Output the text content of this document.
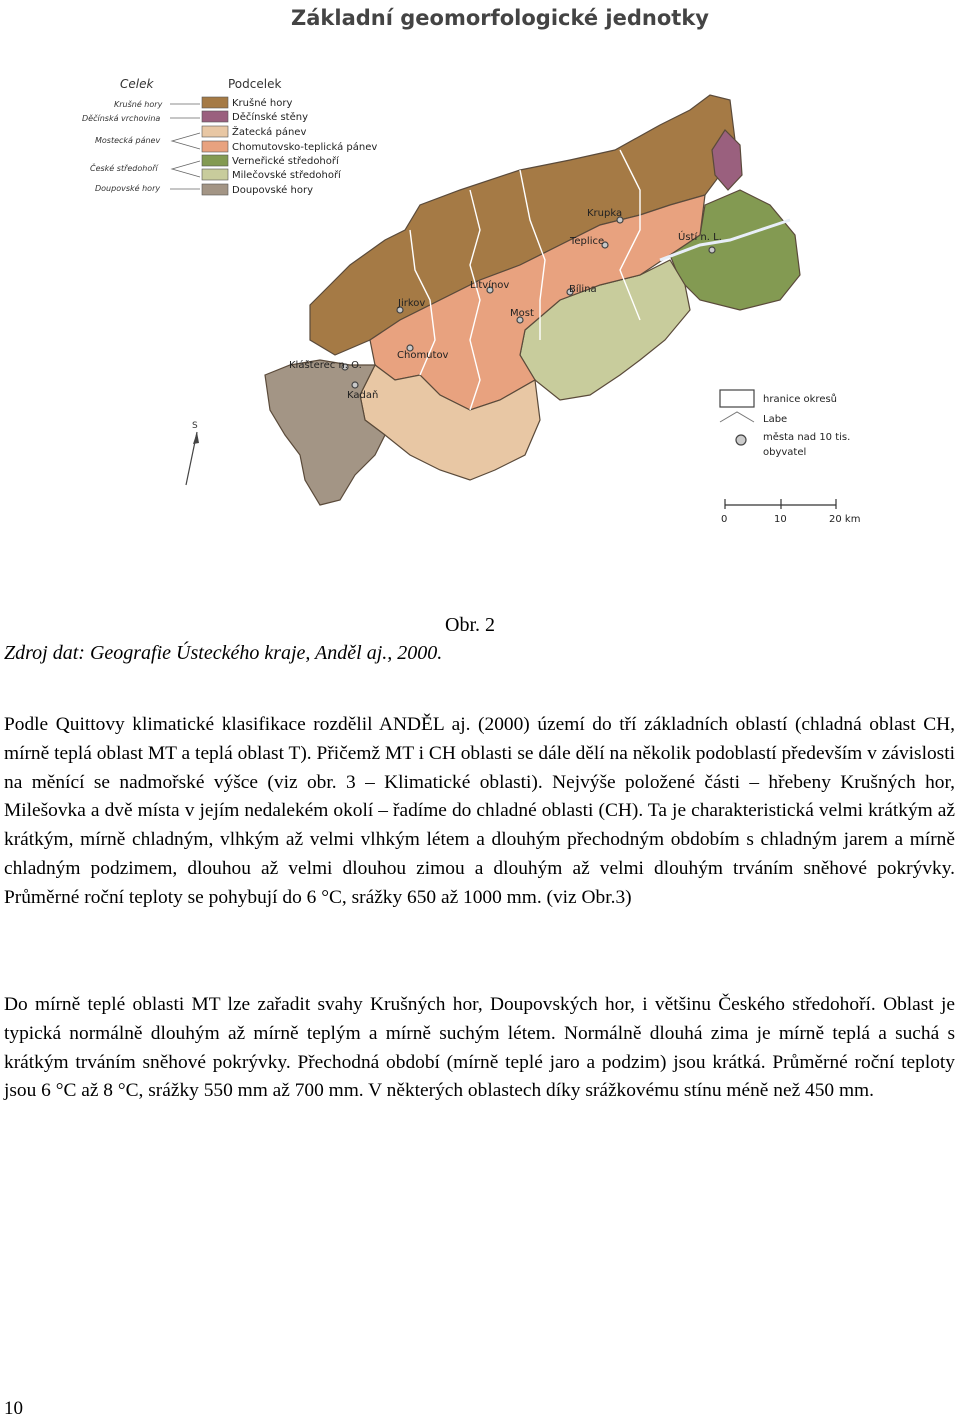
Základní geomorfologické jednotky
Krupka
Teplice	Ústí n. L.
Litvínov	Bílina
Most
Jirkov
Chomutov
Klášterec n. O.
Kadaň
Celek	Podcelek
Krušné hory
Děčínská vrchovina
Mostecká pánev
České středohoří
Doupovské hory
Krušné hory
Děčínské stěny
Žatecká pánev
Chomutovsko-teplická pánev
Verneřické středohoří
Milečovské středohoří
Doupovské hory
S
hranice okresů
Labe
města nad 10 tis. obyvatel
0	10	20 km
Obr. 2
Zdroj dat: Geografie Ústeckého kraje, Anděl aj., 2000.

Podle Quittovy klimatické klasifikace rozdělil ANDĚL aj. (2000) území do tří základních oblastí (chladná oblast CH, mírně teplá oblast MT a teplá oblast T). Přičemž MT i CH oblasti se dále dělí na několik podoblastí především v závislosti na měnící se nadmořské výšce (viz obr. 3 – Klimatické oblasti). Nejvýše položené části – hřebeny Krušných hor, Milešovka a dvě místa v jejím nedalekém okolí – řadíme do chladné oblasti (CH). Ta je charakteristická velmi krátkým až krátkým, mírně chladným, vlhkým až velmi vlhkým létem a dlouhým přechodným obdobím s chladným jarem a mírně chladným podzimem, dlouhou až velmi dlouhou zimou a dlouhým až velmi dlouhým trváním sněhové pokrývky. Průměrné roční teploty se pohybují do 6 °C, srážky 650 až 1000 mm. (viz Obr.3)

Do mírně teplé oblasti MT lze zařadit svahy Krušných hor, Doupovských hor, i většinu Českého středohoří. Oblast je typická normálně dlouhým až mírně teplým a mírně suchým létem. Normálně dlouhá zima je mírně teplá a suchá s krátkým trváním sněhové pokrývky. Přechodná období (mírně teplé jaro a podzim) jsou krátká. Průměrné roční teploty jsou 6 °C až 8 °C, srážky 550 mm až 700 mm. V některých oblastech díky srážkovému stínu méně než 450 mm.

10
